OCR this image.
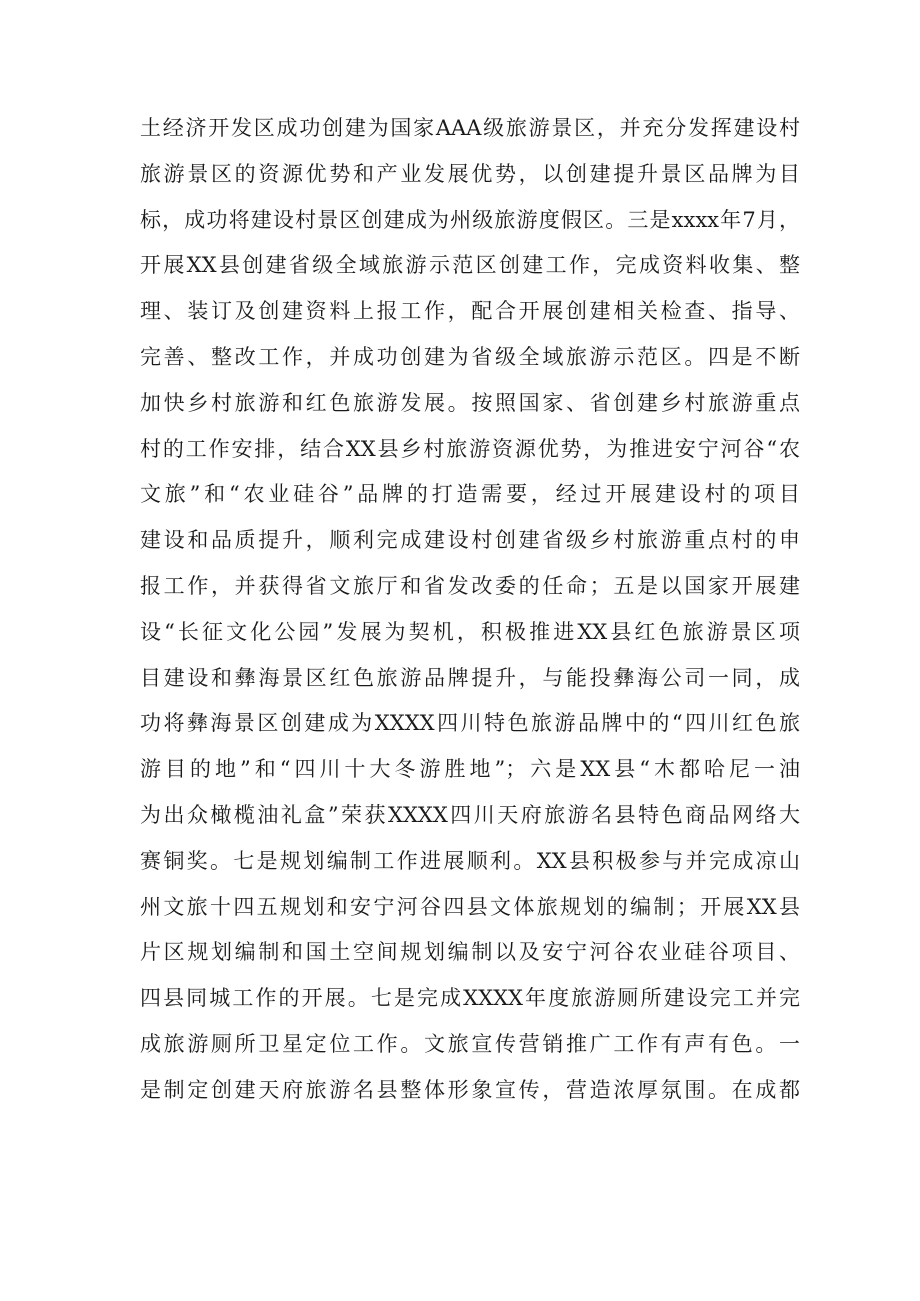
土经济开发区成功创建为国家AAA级旅游景区，并充分发挥建设村
旅游景区的资源优势和产业发展优势，以创建提升景区品牌为目
标，成功将建设村景区创建成为州级旅游度假区。三是xxxx年7月，
开展XX县创建省级全域旅游示范区创建工作，完成资料收集、整
理、装订及创建资料上报工作，配合开展创建相关检查、指导、
完善、整改工作，并成功创建为省级全域旅游示范区。四是不断
加快乡村旅游和红色旅游发展。按照国家、省创建乡村旅游重点
村的工作安排，结合XX县乡村旅游资源优势，为推进安宁河谷“农
文旅”和“农业硅谷”品牌的打造需要，经过开展建设村的项目
建设和品质提升，顺利完成建设村创建省级乡村旅游重点村的申
报工作，并获得省文旅厅和省发改委的任命；五是以国家开展建
设“长征文化公园”发展为契机，积极推进XX县红色旅游景区项
目建设和彝海景区红色旅游品牌提升，与能投彝海公司一同，成
功将彝海景区创建成为XXXX四川特色旅游品牌中的“四川红色旅
游目的地”和“四川十大冬游胜地”；六是XX县“木都哈尼一油
为出众橄榄油礼盒”荣获XXXX四川天府旅游名县特色商品网络大
赛铜奖。七是规划编制工作进展顺利。XX县积极参与并完成凉山
州文旅十四五规划和安宁河谷四县文体旅规划的编制；开展XX县
片区规划编制和国土空间规划编制以及安宁河谷农业硅谷项目、
四县同城工作的开展。七是完成XXXX年度旅游厕所建设完工并完
成旅游厕所卫星定位工作。文旅宣传营销推广工作有声有色。一
是制定创建天府旅游名县整体形象宣传，营造浓厚氛围。在成都
